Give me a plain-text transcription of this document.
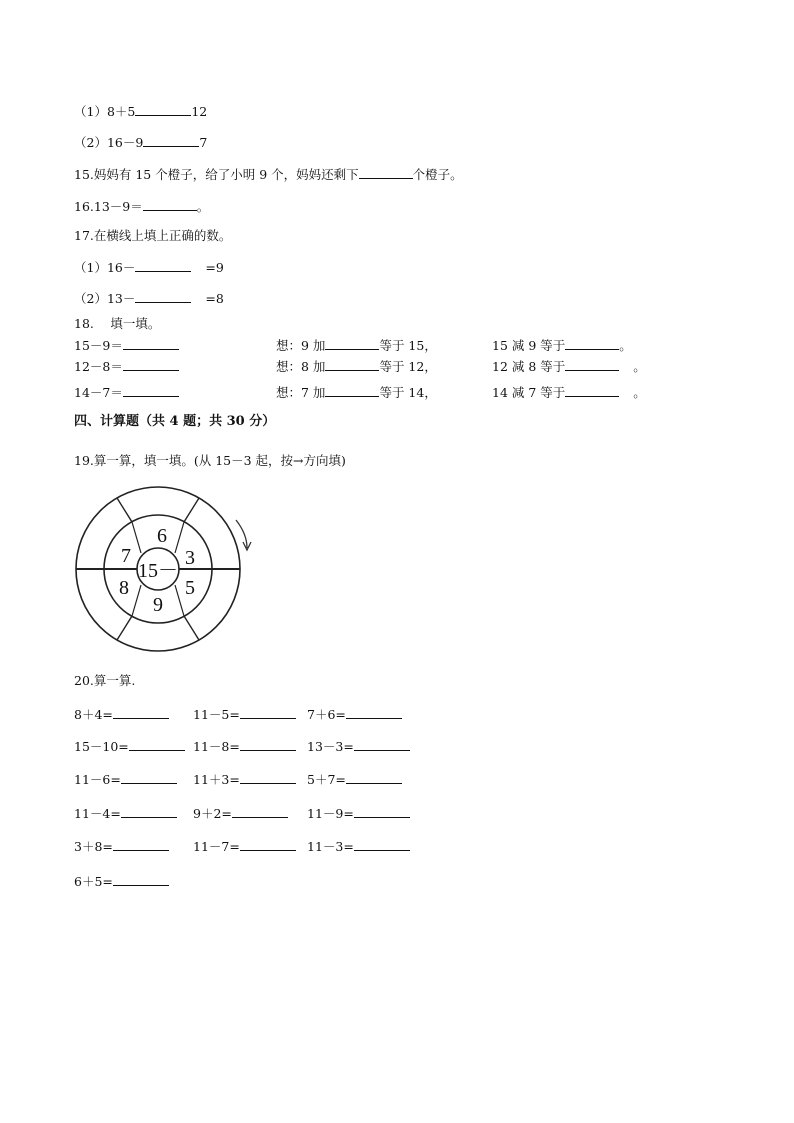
（1）8＋5	12
（2）16－9	7
15.妈妈有 15 个橙子，给了小明 9 个，妈妈还剩下	个橙子。
16.13－9＝	。
17.在横线上填上正确的数。
（1）16－	=9
（2）13－	=8
18.　 填一填。
15－9＝	想：9 加	等于 15，	15 减 9 等于	。
12－8＝	想：8 加	等于 12，	12 减 8 等于	。
14－7＝	想：7 加	等于 14，	14 减 7 等于	。
四、计算题（共 4 题；共 30 分）
19.算一算，填一填。(从 15－3 起，按→方向填)
15－
6
3
5
9
8
7
20.算一算.
8＋4=	11－5=	7＋6=
15－10=	11－8=	13－3=
11－6=	11＋3=	5＋7=
11－4=	9＋2=	11－9=
3＋8=	11－7=	11－3=
6＋5=
